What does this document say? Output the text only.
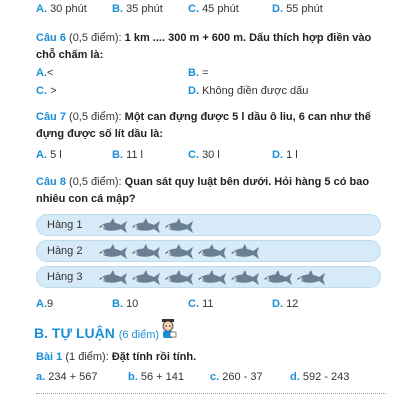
A. 30 phút B. 35 phút C. 45 phút	D. 55 phút
Câu 6 (0,5 điểm): 1 km .... 300 m + 600 m. Dấu thích hợp điền vào chỗ chấm là:
A.<	B. =
C. >	D. Không điền được dấu
Câu 7 (0,5 điểm): Một can đựng được 5 l dầu ô liu, 6 can như thế đựng được số lít dầu là:
A. 5 l	B. 11 l	C. 30 l	D. 1 l
Câu 8 (0,5 điểm): Quan sát quy luật bên dưới. Hỏi hàng 5 có bao nhiêu con cá mập?
Hàng 1
Hàng 2
Hàng 3
A.9	B. 10	C. 11	D. 12
B. TỰ LUẬN (6 điểm)
Bài 1 (1 điểm): Đặt tính rồi tính.
a. 234 + 567	b. 56 + 141 c. 260 - 37 d. 592 - 243
